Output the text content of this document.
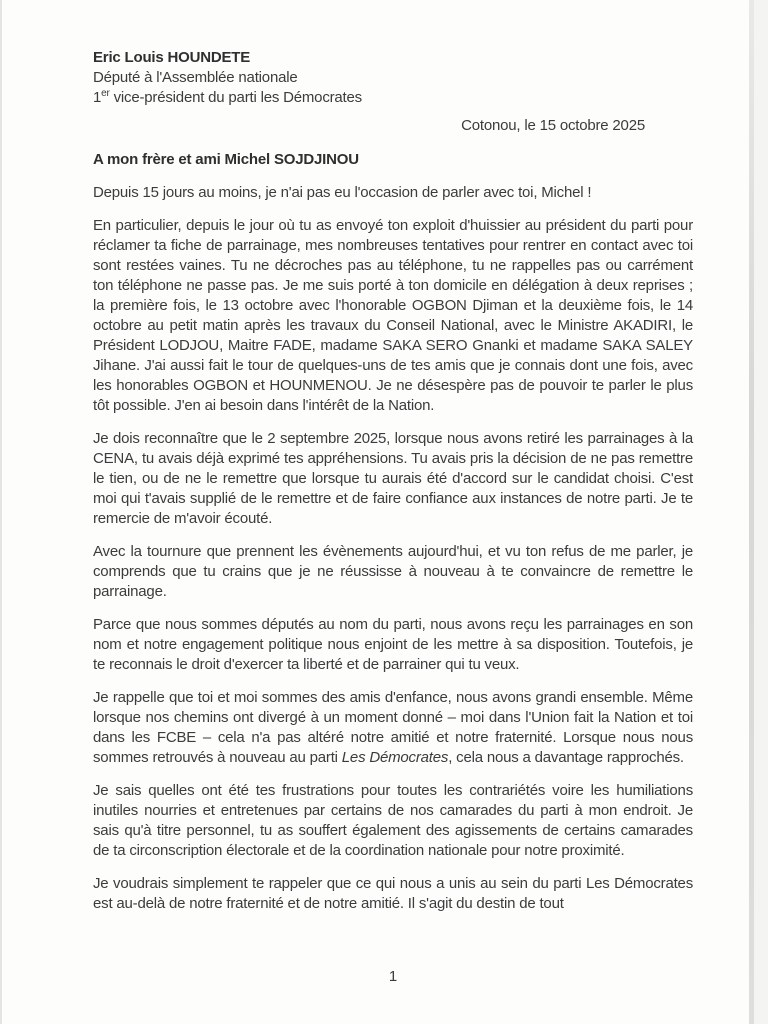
Eric Louis HOUNDETE
Député à l'Assemblée nationale
1er vice-président du parti les Démocrates
Cotonou, le 15 octobre 2025
A mon frère et ami Michel SOJDJINOU

Depuis 15 jours au moins, je n'ai pas eu l'occasion de parler avec toi, Michel !

En particulier, depuis le jour où tu as envoyé ton exploit d'huissier au président du parti pour réclamer ta fiche de parrainage, mes nombreuses tentatives pour rentrer en contact avec toi sont restées vaines. Tu ne décroches pas au téléphone, tu ne rappelles pas ou carrément ton téléphone ne passe pas. Je me suis porté à ton domicile en délégation à deux reprises ; la première fois, le 13 octobre avec l'honorable OGBON Djiman et la deuxième fois, le 14 octobre au petit matin après les travaux du Conseil National, avec le Ministre AKADIRI, le Président LODJOU, Maitre FADE, madame SAKA SERO Gnanki et madame SAKA SALEY Jihane. J'ai aussi fait le tour de quelques-uns de tes amis que je connais dont une fois, avec les honorables OGBON et HOUNMENOU. Je ne désespère pas de pouvoir te parler le plus tôt possible. J'en ai besoin dans l'intérêt de la Nation.

Je dois reconnaître que le 2 septembre 2025, lorsque nous avons retiré les parrainages à la CENA, tu avais déjà exprimé tes appréhensions. Tu avais pris la décision de ne pas remettre le tien, ou de ne le remettre que lorsque tu aurais été d'accord sur le candidat choisi. C'est moi qui t'avais supplié de le remettre et de faire confiance aux instances de notre parti. Je te remercie de m'avoir écouté.

Avec la tournure que prennent les évènements aujourd'hui, et vu ton refus de me parler, je comprends que tu crains que je ne réussisse à nouveau à te convaincre de remettre le parrainage.

Parce que nous sommes députés au nom du parti, nous avons reçu les parrainages en son nom et notre engagement politique nous enjoint de les mettre à sa disposition. Toutefois, je te reconnais le droit d'exercer ta liberté et de parrainer qui tu veux.

Je rappelle que toi et moi sommes des amis d'enfance, nous avons grandi ensemble. Même lorsque nos chemins ont divergé à un moment donné – moi dans l'Union fait la Nation et toi dans les FCBE – cela n'a pas altéré notre amitié et notre fraternité. Lorsque nous nous sommes retrouvés à nouveau au parti Les Démocrates, cela nous a davantage rapprochés.

Je sais quelles ont été tes frustrations pour toutes les contrariétés voire les humiliations inutiles nourries et entretenues par certains de nos camarades du parti à mon endroit. Je sais qu'à titre personnel, tu as souffert également des agissements de certains camarades de ta circonscription électorale et de la coordination nationale pour notre proximité.

Je voudrais simplement te rappeler que ce qui nous a unis au sein du parti Les Démocrates est au-delà de notre fraternité et de notre amitié. Il s'agit du destin de tout

1
